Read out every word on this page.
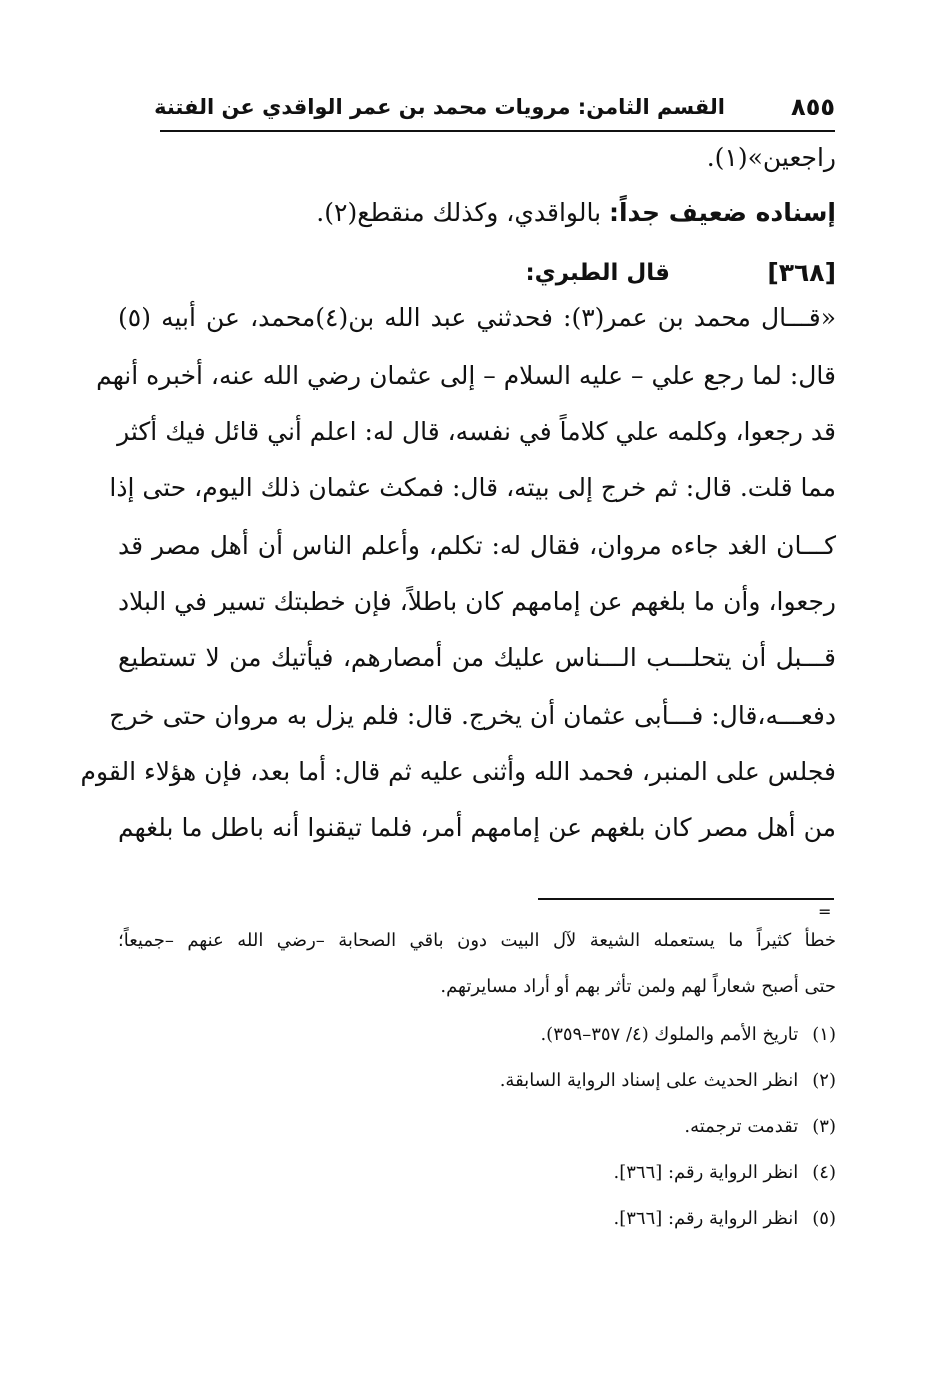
٨٥٥
القسم الثامن: مرويات محمد بن عمر الواقدي عن الفتنة
راجعين»(١).
إسناده ضعيف جداً: بالواقدي، وكذلك منقطع(٢).
[٣٦٨]
قال الطبري:
«قـــال محمد بن عمر(٣): فحدثني عبد الله بن(٤)محمد، عن أبيه (٥)
قال: لما رجع علي – عليه السلام – إلى عثمان رضي الله عنه، أخبره أنهم
قد رجعوا، وكلمه علي كلاماً في نفسه، قال له: اعلم أني قائل فيك أكثر
مما قلت. قال: ثم خرج إلى بيته، قال: فمكث عثمان ذلك اليوم، حتى إذا
كـــان الغد جاءه مروان، فقال له: تكلم، وأعلم الناس أن أهل مصر قد
رجعوا، وأن ما بلغهم عن إمامهم كان باطلاً، فإن خطبتك تسير في البلاد
قـــبل أن يتحلـــب الـــناس عليك من أمصارهم، فيأتيك من لا تستطيع
دفعـــه،قال: فـــأبى عثمان أن يخرج. قال: فلم يزل به مروان حتى خرج
فجلس على المنبر، فحمد الله وأثنى عليه ثم قال: أما بعد، فإن هؤلاء القوم
من أهل مصر كان بلغهم عن إمامهم أمر، فلما تيقنوا أنه باطل ما بلغهم
=
خطأ كثيراً ما يستعمله الشيعة لآل البيت دون باقي الصحابة –رضي الله عنهم –جميعاً؛
حتى أصبح شعاراً لهم ولمن تأثر بهم أو أراد مسايرتهم.
(١)تاريخ الأمم والملوك (٤/ ٣٥٧–٣٥٩).
(٢)انظر الحديث على إسناد الرواية السابقة.
(٣)تقدمت ترجمته.
(٤)انظر الرواية رقم: [٣٦٦].
(٥)انظر الرواية رقم: [٣٦٦].
